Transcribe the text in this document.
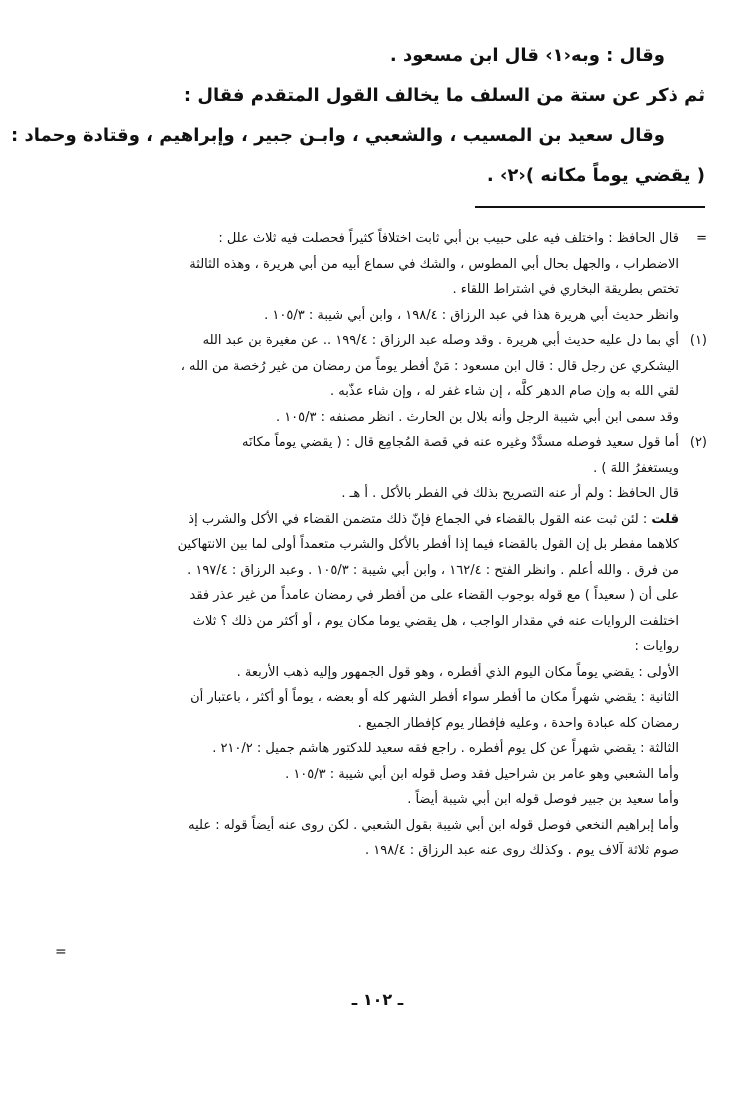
وقال : وبه‹١› قال ابن مسعود .

ثم ذكر عن ستة من السلف ما يخالف القول المتقدم فقال :

وقال سعيد بن المسيب ، والشعبي ، وابـن جبير ، وإبراهيم ، وقتادة وحماد :

( يقضي يوماً مكانه )‹٢› .

=قال الحافظ : واختلف فيه على حبيب بن أبي ثابت اختلافاً كثيراً فحصلت فيه ثلاث علل :

الاضطراب ، والجهل بحال أبي المطوس ، والشك في سماع أبيه من أبي هريرة ، وهذه الثالثة

تختص بطريقة البخاري في اشتراط اللقاء .

وانظر حديث أبي هريرة هذا في عبد الرزاق : ١٩٨/٤ ، وابن أبي شيبة : ١٠٥/٣ .

(١)أي بما دل عليه حديث أبي هريرة . وقد وصله عبد الرزاق : ١٩٩/٤ .. عن مغيرة بن عبد الله

اليشكري عن رجل قال : قال ابن مسعود : مَنْ أفطر يوماً من رمضان من غير رُخصة من الله ،

لقي الله به وإن صام الدهر كلَّه ، إن شاء غفر له ، وإن شاء عذّبه .

وقد سمى ابن أبي شيبة الرجل وأنه بلال بن الحارث . انظر مصنفه : ١٠٥/٣ .

(٢)أما قول سعيد فوصله مسدَّدٌ وغيره عنه في قصة المُجامِع قال : ( يقضي يوماً مكانَه

ويستغفرُ اللهَ ) .

قال الحافظ : ولم أر عنه التصريح بذلك في الفطر بالأكل . أ هـ .

قلت : لئن ثبت عنه القول بالقضاء في الجماع فإنّ ذلك متضمن القضاء في الأكل والشرب إذ

كلاهما مفطر بل إن القول بالقضاء فيما إذا أفطر بالأكل والشرب متعمداً أولى لما بين الانتهاكين

من فرق . والله أعلم . وانظر الفتح : ١٦٢/٤ ، وابن أبي شيبة : ١٠٥/٣ . وعبد الرزاق : ١٩٧/٤ .

على أن ( سعيداً ) مع قوله بوجوب القضاء على من أفطر في رمضان عامداً من غير عذر فقد

اختلفت الروايات عنه في مقدار الواجب ، هل يقضي يوما مكان يوم ، أو أكثر من ذلك ؟ ثلاث

روايات :

الأولى : يقضي يوماً مكان اليوم الذي أفطره ، وهو قول الجمهور وإليه ذهب الأربعة .

الثانية : يقضي شهراً مكان ما أفطر سواء أفطر الشهر كله أو بعضه ، يوماً أو أكثر ، باعتبار أن

رمضان كله عبادة واحدة ، وعليه فإفطار يوم كإفطار الجميع .

الثالثة : يقضي شهراً عن كل يوم أفطره . راجع فقه سعيد للدكتور هاشم جميل : ٢١٠/٢ .

وأما الشعبي وهو عامر بن شراحيل فقد وصل قوله ابن أبي شيبة : ١٠٥/٣ .

وأما سعيد بن جبير فوصل قوله ابن أبي شيبة أيضاً .

وأما إبراهيم النخعي فوصل قوله ابن أبي شيبة بقول الشعبي . لكن روى عنه أيضاً قوله : عليه

صوم ثلاثة آلاف يوم . وكذلك روى عنه عبد الرزاق : ١٩٨/٤ .

=
ـ ١٠٢ ـ
